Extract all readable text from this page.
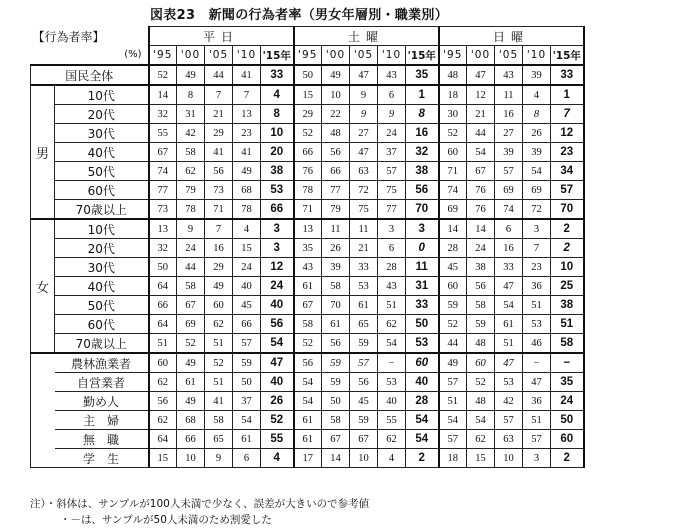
図表23　新聞の行為者率（男女年層別・職業別）
【行為者率】		平日					土曜					日曜				
(%)		'95	'00	'05	'10	'15年	'95	'00	'05	'10	'15年	'95	'00	'05	'10	'15年
国民全体		52	49	44	41	33	50	49	47	43	35	48	47	43	39	33
男	10代	14	8	7	7	4	15	10	9	6	1	18	12	11	4	1
	20代	32	31	21	13	8	29	22	9	9	8	30	21	16	8	7
	30代	55	42	29	23	10	52	48	27	24	16	52	44	27	26	12
	40代	67	58	41	41	20	66	56	47	37	32	60	54	39	39	23
	50代	74	62	56	49	38	76	66	63	57	38	71	67	57	54	34
	60代	77	79	73	68	53	78	77	72	75	56	74	76	69	69	57
	70歳以上	73	78	71	78	66	71	79	75	77	70	69	76	74	72	70
女	10代	13	9	7	4	3	13	11	11	3	3	14	14	6	3	2
	20代	32	24	16	15	3	35	26	21	6	0	28	24	16	7	2
	30代	50	44	29	24	12	43	39	33	28	11	45	38	33	23	10
	40代	64	58	49	40	24	61	58	53	43	31	60	56	47	36	25
	50代	66	67	60	45	40	67	70	61	51	33	59	58	54	51	38
	60代	64	69	62	66	56	58	61	65	62	50	52	59	61	53	51
	70歳以上	51	52	51	57	54	52	56	59	54	53	44	48	51	46	58
	農林漁業者	60	49	52	59	47	56	59	57	−	60	49	60	47	−	−
	自営業者	62	61	51	50	40	54	59	56	53	40	57	52	53	47	35
	勤め人	56	49	41	37	26	54	50	45	40	28	51	48	42	36	24
	主　婦	62	68	58	54	52	61	58	59	55	54	54	54	57	51	50
	無　職	64	66	65	61	55	61	67	67	62	54	57	62	63	57	60
	学　生	15	10	9	6	4	17	14	10	4	2	18	15	10	3	2
注）・斜体は、サンプルが100人未満で少なく、誤差が大きいので参考値
・－は、サンプルが50人未満のため割愛した
